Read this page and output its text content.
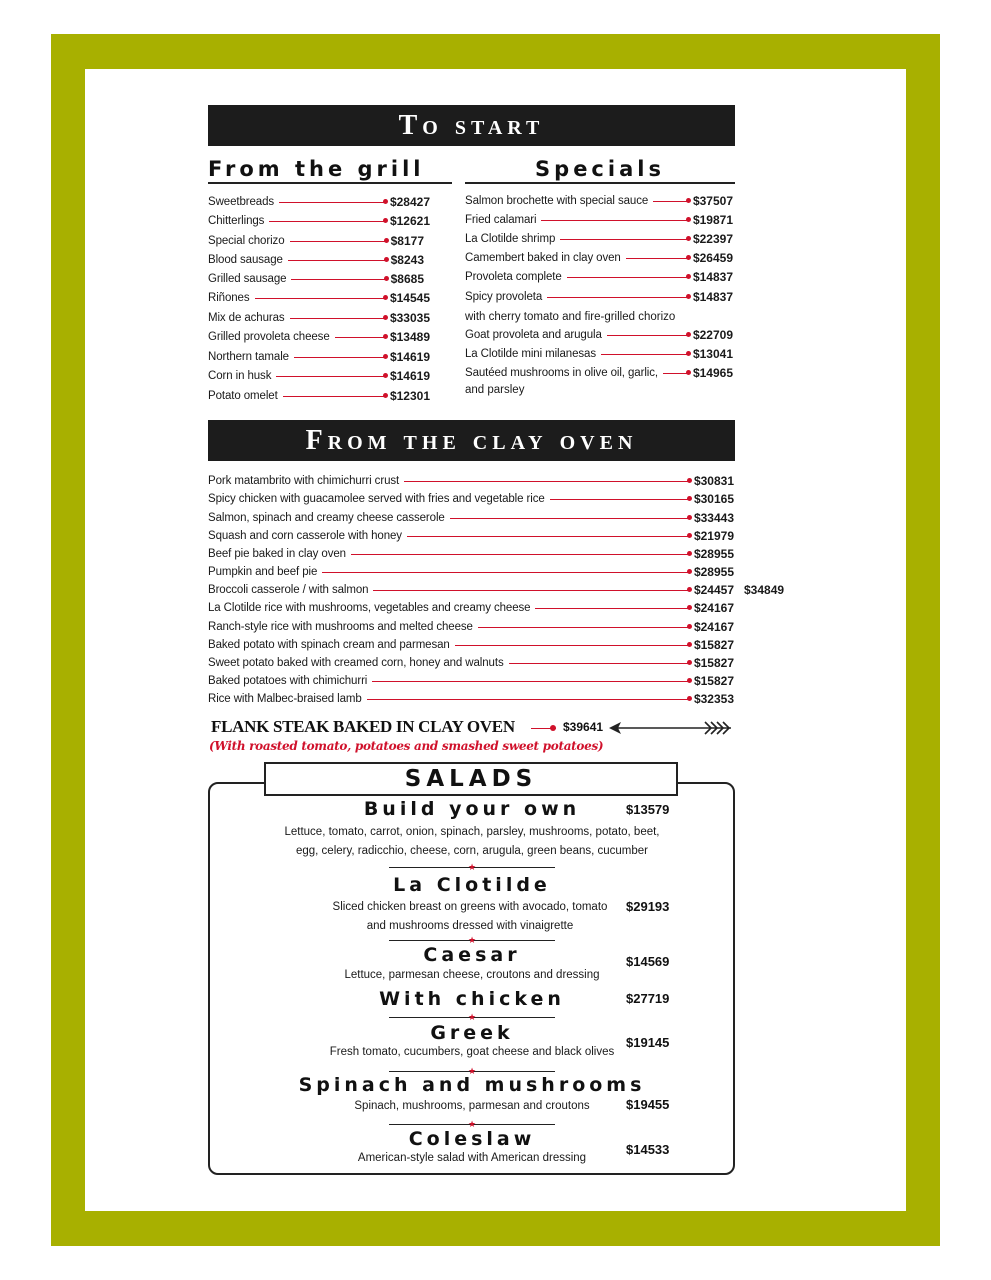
To start
From the grill	Specials
Sweetbreads	$28427
Chitterlings	$12621
Special chorizo	$8177
Blood sausage	$8243
Grilled sausage	$8685
Riñones	$14545
Mix de achuras	$33035
Grilled provoleta cheese	$13489
Northern tamale	$14619
Corn in husk	$14619
Potato omelet	$12301
Salmon brochette with special sauce	$37507
Fried calamari	$19871
La Clotilde shrimp	$22397
Camembert baked in clay oven	$26459
Provoleta complete	$14837
Spicy provoleta	$14837
with cherry tomato and fire-grilled chorizo
Goat provoleta and arugula	$22709
La Clotilde mini milanesas	$13041
Sautéed mushrooms in olive oil, garlic,	$14965
and parsley
From the clay oven
Pork matambrito with chimichurri crust	$30831
Spicy chicken with guacamolee served with fries and vegetable rice	$30165
Salmon, spinach and creamy cheese casserole	$33443
Squash and corn casserole with honey	$21979
Beef pie baked in clay oven	$28955
Pumpkin and beef pie	$28955
Broccoli casserole / with salmon	$24457 $34849
La Clotilde rice with mushrooms, vegetables and creamy cheese	$24167
Ranch-style rice with mushrooms and melted cheese	$24167
Baked potato with spinach cream and parmesan	$15827
Sweet potato baked with creamed corn, honey and walnuts	$15827
Baked potatoes with chimichurri	$15827
Rice with Malbec-braised lamb	$32353
FLANK STEAK BAKED IN CLAY OVEN	$39641
(With roasted tomato, potatoes and smashed sweet potatoes)
SALADS
Build your own	$13579
Lettuce, tomato, carrot, onion, spinach, parsley, mushrooms, potato, beet,
egg, celery, radicchio, cheese, corn, arugula, green beans, cucumber
★
La Clotilde
Sliced chicken breast on greens with avocado, tomato
and mushrooms dressed with vinaigrette
$29193
★
Caesar
Lettuce, parmesan cheese, croutons and dressing
$14569
With chicken	$27719
★
Greek
Fresh tomato, cucumbers, goat cheese and black olives
$19145
★
Spinach and mushrooms
Spinach, mushrooms, parmesan and croutons	$19455
★
Coleslaw
American-style salad with American dressing
$14533
